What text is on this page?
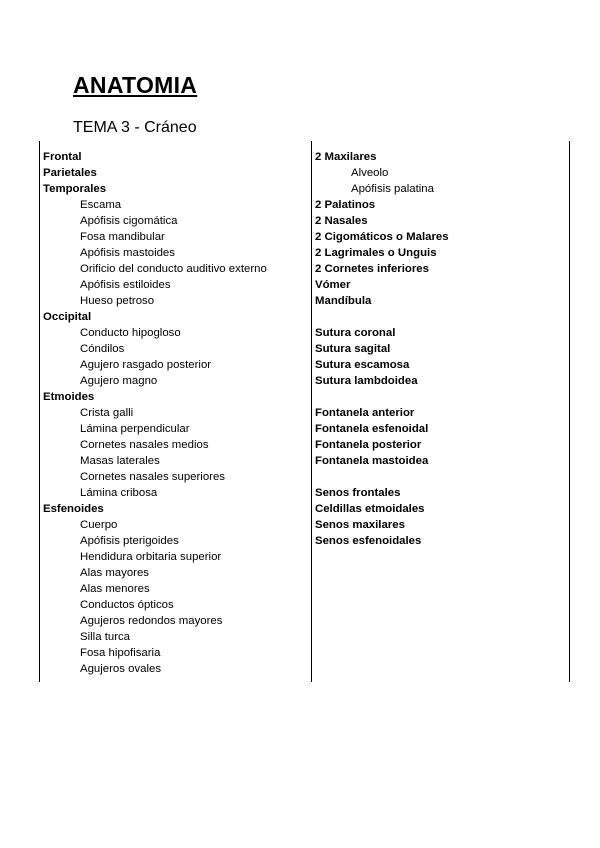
ANATOMIA
TEMA 3 - Cráneo
Frontal
Parietales
Temporales
Escama
Apófisis cigomática
Fosa mandibular
Apófisis mastoides
Orificio del conducto auditivo externo
Apófisis estiloides
Hueso petroso
Occipital
Conducto hipogloso
Cóndilos
Agujero rasgado posterior
Agujero magno
Etmoides
Crista galli
Lámina perpendicular
Cornetes nasales medios
Masas laterales
Cornetes nasales superiores
Lámina cribosa
Esfenoides
Cuerpo
Apófisis pterigoides
Hendidura orbitaria superior
Alas mayores
Alas menores
Conductos ópticos
Agujeros redondos mayores
Silla turca
Fosa hipofisaria
Agujeros ovales
2 Maxilares
Alveolo
Apófisis palatina
2 Palatinos
2 Nasales
2 Cigomáticos o Malares
2 Lagrimales o Unguis
2 Cornetes inferiores
Vómer
Mandíbula
Sutura coronal
Sutura sagital
Sutura escamosa
Sutura lambdoidea
Fontanela anterior
Fontanela esfenoidal
Fontanela posterior
Fontanela mastoidea
Senos frontales
Celdillas etmoidales
Senos maxilares
Senos esfenoidales
